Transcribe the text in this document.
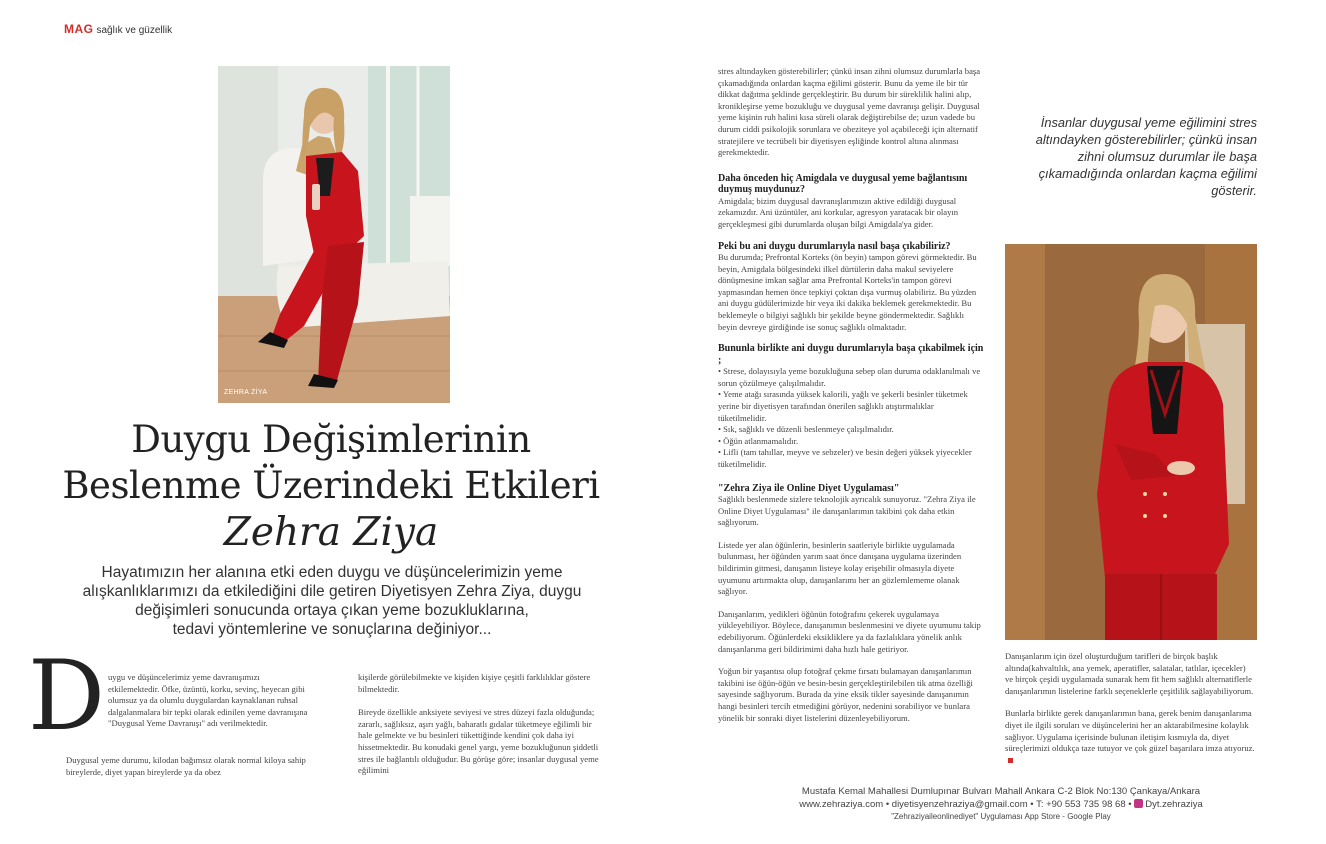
MAG sağlık ve güzellik
ZEHRA ZİYA
Duygu Değişimlerinin
Beslenme Üzerindeki Etkileri
Zehra Ziya
Hayatımızın her alanına etki eden duygu ve düşüncelerimizin yeme
alışkanlıklarımızı da etkilediğini dile getiren Diyetisyen Zehra Ziya, duygu
değişimleri sonucunda ortaya çıkan yeme bozukluklarına,
tedavi yöntemlerine ve sonuçlarına değiniyor...
D uygu ve düşüncelerimiz yeme davranışımızı etkilemektedir. Öfke, üzüntü, korku, sevinç, heyecan gibi olumsuz ya da olumlu duygulardan kaynaklanan ruhsal dalgalanmalara bir tepki olarak edinilen yeme davranışına "Duygusal Yeme Davranışı" adı verilmektedir.

Duygusal yeme durumu, kilodan bağımsız olarak normal kiloya sahip bireylerde, diyet yapan bireylerde ya da obez

kişilerde görülebilmekte ve kişiden kişiye çeşitli farklılıklar göstere bilmektedir.

Bireyde özellikle anksiyete seviyesi ve stres düzeyi fazla olduğunda; zararlı, sağlıksız, aşırı yağlı, baharatlı gıdalar tüketmeye eğilimli bir hale gelmekte ve bu besinleri tükettiğinde kendini çok daha iyi hissetmektedir. Bu konudaki genel yargı, yeme bozukluğunun şiddetli stres ile bağlantılı olduğudur. Bu görüşe göre; insanlar duygusal yeme eğilimini

stres altındayken gösterebilirler; çünkü insan zihni olumsuz durumlarla başa çıkamadığında onlardan kaçma eğilimi gösterir. Bunu da yeme ile bir tür dikkat dağıtma şeklinde gerçekleştirir. Bu durum bir süreklilik halini alıp, kronikleşirse yeme bozukluğu ve duygusal yeme davranışı gelişir. Duygusal yeme kişinin ruh halini kısa süreli olarak değiştirebilse de; uzun vadede bu durum ciddi psikolojik sorunlara ve obeziteye yol açabileceği için alternatif stratejilere ve tecrübeli bir diyetisyen eşliğinde kontrol altına alınması gerekmektedir.

Daha önceden hiç Amigdala ve duygusal yeme bağlantısını duymuş muydunuz?

Amigdala; bizim duygusal davranışlarımızın aktive edildiği duygusal zekamızdır. Ani üzüntüler, ani korkular, agresyon yaratacak bir olayın gerçekleşmesi gibi durumlarda oluşan bilgi Amigdala'ya gider.

Peki bu ani duygu durumlarıyla nasıl başa çıkabiliriz?

Bu durumda; Prefrontal Korteks (ön beyin) tampon görevi görmektedir. Bu beyin, Amigdala bölgesindeki ilkel dürtülerin daha makul seviyelere dönüşmesine imkan sağlar ama Prefrontal Korteks'in tampon görevi yapmasından hemen önce tepkiyi çoktan dışa vurmuş olabiliriz. Bu yüzden ani duygu güdülerimizde bir veya iki dakika beklemek gerekmektedir. Bu beklemeyle o bilgiyi sağlıklı bir şekilde beyne göndermektedir. Sağlıklı beyin devreye girdiğinde ise sonuç sağlıklı olmaktadır.

Bununla birlikte ani duygu durumlarıyla başa çıkabilmek için ;

• Strese, dolayısıyla yeme bozukluğuna sebep olan duruma odaklanılmalı ve sorun çözülmeye çalışılmalıdır.

• Yeme atağı sırasında yüksek kalorili, yağlı ve şekerli besinler tüketmek yerine bir diyetisyen tarafından önerilen sağlıklı atıştırmalıklar tüketilmelidir.

• Sık, sağlıklı ve düzenli beslenmeye çalışılmalıdır.

• Öğün atlanmamalıdır.

• Lifli (tam tahıllar, meyve ve sebzeler) ve besin değeri yüksek yiyecekler tüketilmelidir.

"Zehra Ziya ile Online Diyet Uygulaması"

Sağlıklı beslenmede sizlere teknolojik ayrıcalık sunuyoruz. "Zehra Ziya ile Online Diyet Uygulaması" ile danışanlarımın takibini çok daha etkin sağlıyorum.

Listede yer alan öğünlerin, besinlerin saatleriyle birlikte uygulamada bulunması, her öğünden yarım saat önce danışana uygulama üzerinden bildirimin gitmesi, danışanın listeye kolay erişebilir olmasıyla diyete uyumunu artırmakta olup, danışanlarımı her an gözlemlememe olanak sağlıyor.

Danışanlarım, yedikleri öğünün fotoğrafını çekerek uygulamaya yükleyebiliyor. Böylece, danışanımın beslenmesini ve diyete uyumunu takip edebiliyorum. Öğünlerdeki eksikliklere ya da fazlalıklara yönelik anlık danışanlarıma geri bildirimimi daha hızlı hale getiriyor.

Yoğun bir yaşantısı olup fotoğraf çekme fırsatı bulamayan danışanlarımın takibini ise öğün-öğün ve besin-besin gerçekleştirilebilen tik atma özelliği sayesinde sağlıyorum. Burada da yine eksik tikler sayesinde danışanımın hangi besinleri tercih etmediğini görüyor, nedenini sorabiliyor ve bunlara yönelik bir sonraki diyet listelerini düzenleyebiliyorum.

İnsanlar duygusal yeme eğilimini stres altındayken gösterebilirler; çünkü insan zihni olumsuz durumlar ile başa çıkamadığında onlardan kaçma eğilimi gösterir.

Danışanlarım için özel oluşturduğum tarifleri de birçok başlık altında(kahvaltılık, ana yemek, aperatifler, salatalar, tatlılar, içecekler) ve birçok çeşidi uygulamada sunarak hem fit hem sağlıklı alternatiflerle danışanlarımın listelerine farklı seçeneklerle çeşitlilik sağlayabiliyorum.

Bunlarla birlikte gerek danışanlarımın bana, gerek benim danışanlarıma diyet ile ilgili soruları ve düşüncelerini her an aktarabilmesine kolaylık sağlıyor. Uygulama içerisinde bulunan iletişim kısmıyla da, diyet süreçlerimizi oldukça taze tutuyor ve çok güzel başarılara imza atıyoruz.

Mustafa Kemal Mahallesi Dumlupınar Bulvarı Mahall Ankara C-2 Blok No:130 Çankaya/Ankara
www.zehraziya.com • diyetisyenzehraziya@gmail.com • T: +90 553 735 98 68 • Dyt.zehraziya
"Zehraziyaileonlinediyet" Uygulaması App Store - Google Play
